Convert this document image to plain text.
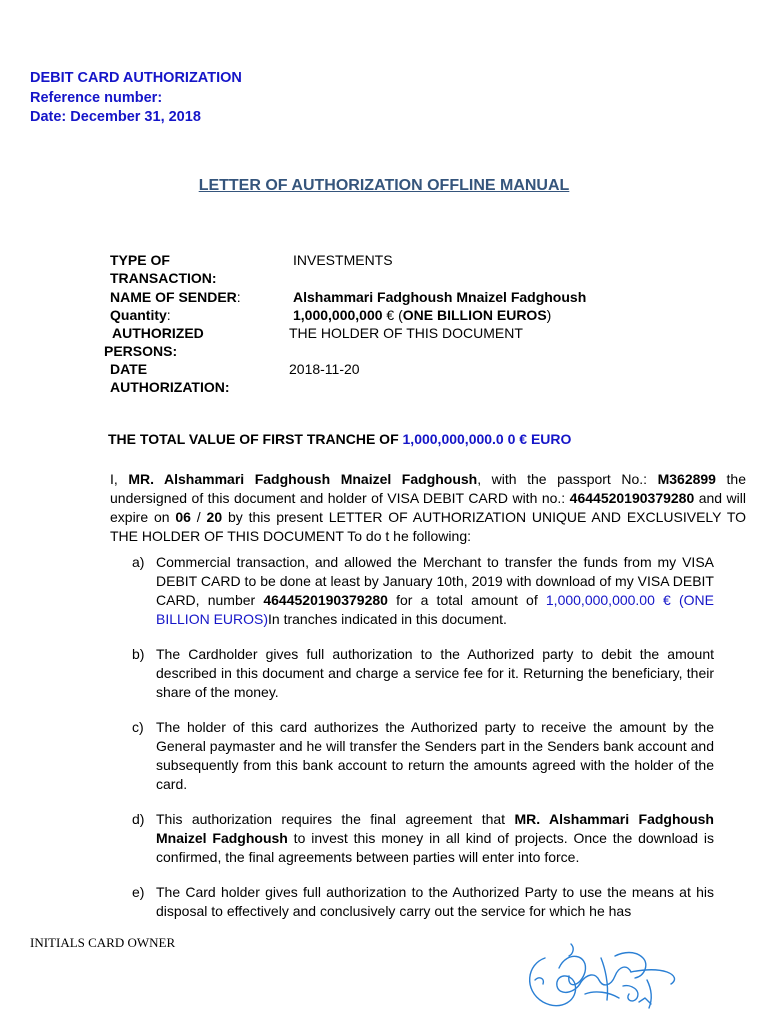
DEBIT CARD AUTHORIZATION
Reference number:
Date: December 31, 2018
LETTER OF AUTHORIZATION OFFLINE MANUAL
TYPE OF
TRANSACTION:
INVESTMENTS
NAME OF SENDER:	Alshammari Fadghoush Mnaizel Fadghoush
Quantity:	1,000,000,000 € (ONE BILLION EUROS)
AUTHORIZED
PERSONS:
THE HOLDER OF THIS DOCUMENT
DATE
AUTHORIZATION:
2018-11-20
THE TOTAL VALUE OF FIRST TRANCHE OF 1,000,000,000.0 0 € EURO
I, MR. Alshammari Fadghoush Mnaizel Fadghoush, with the passport No.: M362899 the undersigned of this document and holder of VISA DEBIT CARD with no.: 4644520190379280 and will expire on 06 / 20 by this present LETTER OF AUTHORIZATION UNIQUE AND EXCLUSIVELY TO THE HOLDER OF THIS DOCUMENT To do t he following:
a) Commercial transaction, and allowed the Merchant to transfer the funds from my VISA DEBIT CARD to be done at least by January 10th, 2019 with download of my VISA DEBIT CARD, number 4644520190379280 for a total amount of 1,000,000,000.00 € (ONE BILLION EUROS)In tranches indicated in this document.
b) The Cardholder gives full authorization to the Authorized party to debit the amount described in this document and charge a service fee for it. Returning the beneficiary, their share of the money.
c) The holder of this card authorizes the Authorized party to receive the amount by the General paymaster and he will transfer the Senders part in the Senders bank account and subsequently from this bank account to return the amounts agreed with the holder of the card.
d) This authorization requires the final agreement that MR. Alshammari Fadghoush Mnaizel Fadghoush to invest this money in all kind of projects. Once the download is confirmed, the final agreements between parties will enter into force.
e) The Card holder gives full authorization to the Authorized Party to use the means at his disposal to effectively and conclusively carry out the service for which he has
INITIALS CARD OWNER
